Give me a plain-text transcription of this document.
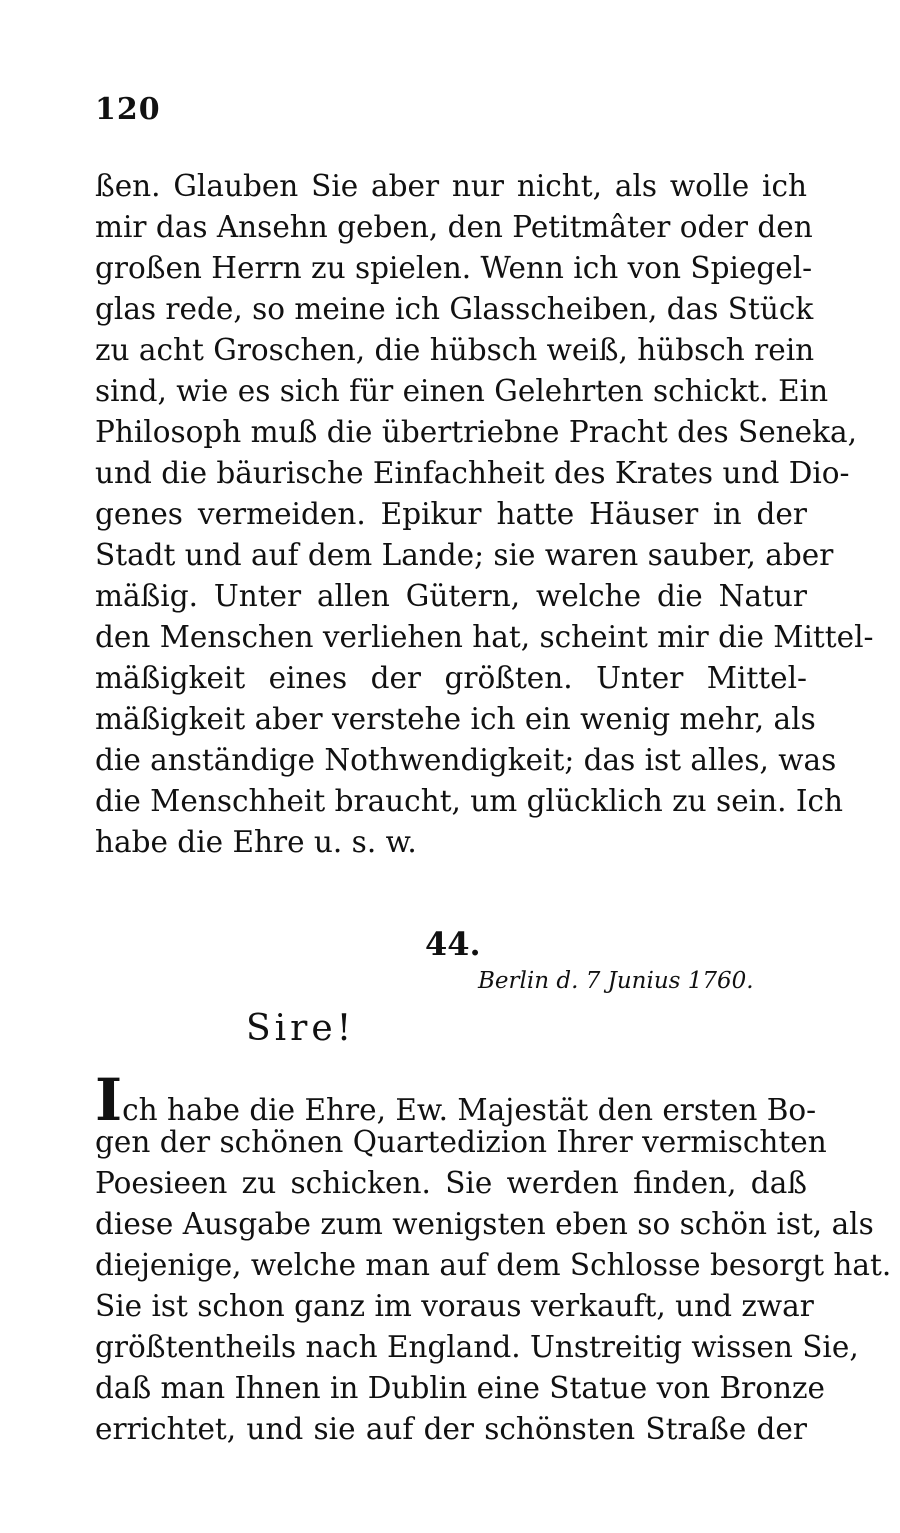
120
ßen. Glauben Sie aber nur nicht, als wolle ich
mir das Ansehn geben, den Petitmâter oder den
großen Herrn zu spielen. Wenn ich von Spiegel-
glas rede, so meine ich Glasscheiben, das Stück
zu acht Groschen, die hübsch weiß, hübsch rein
sind, wie es sich für einen Gelehrten schickt. Ein
Philosoph muß die übertriebne Pracht des Seneka,
und die bäurische Einfachheit des Krates und Dio-
genes vermeiden. Epikur hatte Häuser in der
Stadt und auf dem Lande; sie waren sauber, aber
mäßig. Unter allen Gütern, welche die Natur
den Menschen verliehen hat, scheint mir die Mittel-
mäßigkeit eines der größten. Unter Mittel-
mäßigkeit aber verstehe ich ein wenig mehr, als
die anständige Nothwendigkeit; das ist alles, was
die Menschheit braucht, um glücklich zu sein. Ich
habe die Ehre u. s. w.
44.
Berlin d. 7 Junius 1760.
Sire!
Ich habe die Ehre, Ew. Majestät den ersten Bo-
gen der schönen Quartedizion Ihrer vermischten
Poesieen zu schicken. Sie werden finden, daß
diese Ausgabe zum wenigsten eben so schön ist, als
diejenige, welche man auf dem Schlosse besorgt hat.
Sie ist schon ganz im voraus verkauft, und zwar
größtentheils nach England. Unstreitig wissen Sie,
daß man Ihnen in Dublin eine Statue von Bronze
errichtet, und sie auf der schönsten Straße der
